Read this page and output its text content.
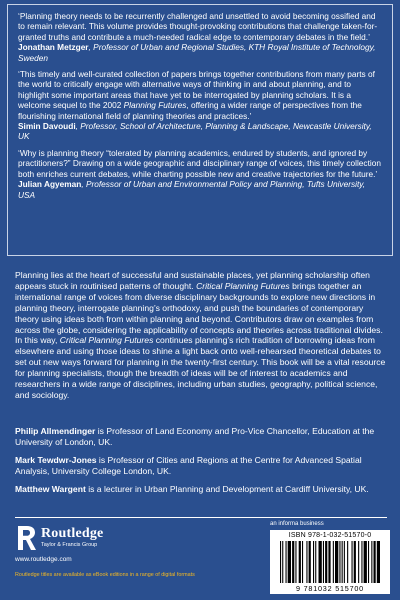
‘Planning theory needs to be recurrently challenged and unsettled to avoid becoming ossified and to remain relevant. This volume provides thought-provoking contributions that challenge taken-for-granted truths and contribute a much-needed radical edge to contemporary debates in the field.’

Jonathan Metzger, Professor of Urban and Regional Studies, KTH Royal Institute of Technology, Sweden

‘This timely and well-curated collection of papers brings together contributions from many parts of the world to critically engage with alternative ways of thinking in and about planning, and to highlight some important areas that have yet to be interrogated by planning scholars. It is a welcome sequel to the 2002 Planning Futures, offering a wider range of perspectives from the flourishing international field of planning theories and practices.’

Simin Davoudi, Professor, School of Architecture, Planning & Landscape, Newcastle University, UK

‘Why is planning theory “tolerated by planning academics, endured by students, and ignored by practitioners?” Drawing on a wide geographic and disciplinary range of voices, this timely collection both enriches current debates, while charting possible new and creative trajectories for the future.’

Julian Agyeman, Professor of Urban and Environmental Policy and Planning, Tufts University, USA

Planning lies at the heart of successful and sustainable places, yet planning scholarship often appears stuck in routinised patterns of thought. Critical Planning Futures brings together an international range of voices from diverse disciplinary backgrounds to explore new directions in planning theory, interrogate planning’s orthodoxy, and push the boundaries of contemporary theory using ideas both from within planning and beyond. Contributors draw on examples from across the globe, considering the applicability of concepts and theories across traditional divides. In this way, Critical Planning Futures continues planning’s rich tradition of borrowing ideas from elsewhere and using those ideas to shine a light back onto well-rehearsed theoretical debates to set out new ways forward for planning in the twenty-first century. This book will be a vital resource for planning specialists, though the breadth of ideas will be of interest to academics and researchers in a wide range of disciplines, including urban studies, geography, political science, and sociology.

Philip Allmendinger is Professor of Land Economy and Pro-Vice Chancellor, Education at the University of London, UK.

Mark Tewdwr-Jones is Professor of Cities and Regions at the Centre for Advanced Spatial Analysis, University College London, UK.

Matthew Wargent is a lecturer in Urban Planning and Development at Cardiff University, UK.

Routledge
Taylor & Francis Group
www.routledge.com
Routledge titles are available as eBook editions in a range of digital formats
an informa business
ISBN 978-1-032-51570-0
9 781032 515700
